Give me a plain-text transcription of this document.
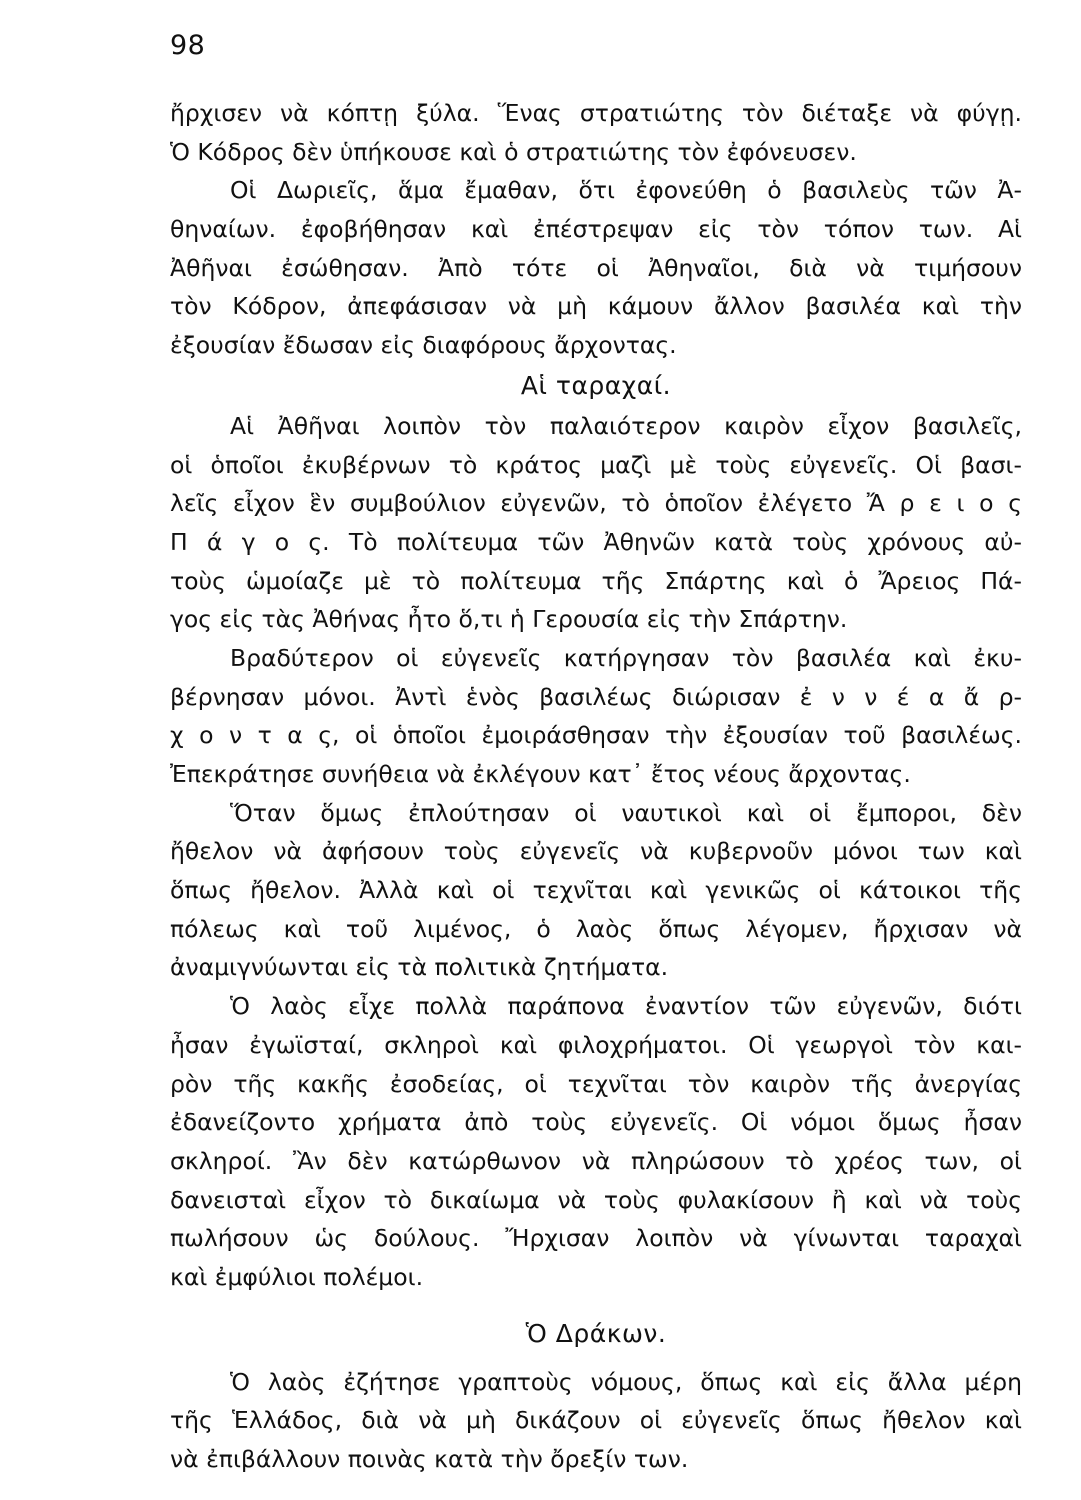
98
ἤρχισεν νὰ κόπτῃ ξύλα. Ἕνας στρατιώτης τὸν διέταξε νὰ φύγῃ.
Ὁ Κόδρος δὲν ὑπήκουσε καὶ ὁ στρατιώτης τὸν ἐφόνευσεν.
Οἱ Δωριεῖς, ἅμα ἔμαθαν, ὅτι ἐφονεύθη ὁ βασιλεὺς τῶν Ἀ-
θηναίων. ἐφοβήθησαν καὶ ἐπέστρεψαν εἰς τὸν τόπον των. Αἱ
Ἀθῆναι ἐσώθησαν. Ἀπὸ τότε οἱ Ἀθηναῖοι, διὰ νὰ τιμήσουν
τὸν Κόδρον, ἀπεφάσισαν νὰ μὴ κάμουν ἄλλον βασιλέα καὶ τὴν
ἐξουσίαν ἔδωσαν εἰς διαφόρους ἄρχοντας.
Αἱ ταραχαί.
Αἱ Ἀθῆναι λοιπὸν τὸν παλαιότερον καιρὸν εἶχον βασιλεῖς,
οἱ ὁποῖοι ἐκυβέρνων τὸ κράτος μαζὶ μὲ τοὺς εὐγενεῖς. Οἱ βασι-
λεῖς εἶχον ἓν συμβούλιον εὐγενῶν, τὸ ὁποῖον ἐλέγετο Ἄ ρ ε ι ο ς
Π ά γ ο ς. Τὸ πολίτευμα τῶν Ἀθηνῶν κατὰ τοὺς χρόνους αὐ-
τοὺς ὡμοίαζε μὲ τὸ πολίτευμα τῆς Σπάρτης καὶ ὁ Ἄρειος Πά-
γος εἰς τὰς Ἀθήνας ἦτο ὅ,τι ἡ Γερουσία εἰς τὴν Σπάρτην.
Βραδύτερον οἱ εὐγενεῖς κατήργησαν τὸν βασιλέα καὶ ἐκυ-
βέρνησαν μόνοι. Ἀντὶ ἑνὸς βασιλέως διώρισαν ἐ ν ν έ α ἄ ρ-
χ ο ν τ α ς, οἱ ὁποῖοι ἐμοιράσθησαν τὴν ἐξουσίαν τοῦ βασιλέως.
Ἐπεκράτησε συνήθεια νὰ ἐκλέγουν κατ᾽ ἔτος νέους ἄρχοντας.
Ὅταν ὅμως ἐπλούτησαν οἱ ναυτικοὶ καὶ οἱ ἔμποροι, δὲν
ἤθελον νὰ ἀφήσουν τοὺς εὐγενεῖς νὰ κυβερνοῦν μόνοι των καὶ
ὅπως ἤθελον. Ἀλλὰ καὶ οἱ τεχνῖται καὶ γενικῶς οἱ κάτοικοι τῆς
πόλεως καὶ τοῦ λιμένος, ὁ λαὸς ὅπως λέγομεν, ἤρχισαν νὰ
ἀναμιγνύωνται εἰς τὰ πολιτικὰ ζητήματα.
Ὁ λαὸς εἶχε πολλὰ παράπονα ἐναντίον τῶν εὐγενῶν, διότι
ἦσαν ἐγωϊσταί, σκληροὶ καὶ φιλοχρήματοι. Οἱ γεωργοὶ τὸν και-
ρὸν τῆς κακῆς ἐσοδείας, οἱ τεχνῖται τὸν καιρὸν τῆς ἀνεργίας
ἐδανείζοντο χρήματα ἀπὸ τοὺς εὐγενεῖς. Οἱ νόμοι ὅμως ἦσαν
σκληροί. Ἂν δὲν κατώρθωνον νὰ πληρώσουν τὸ χρέος των, οἱ
δανεισταὶ εἶχον τὸ δικαίωμα νὰ τοὺς φυλακίσουν ἢ καὶ νὰ τοὺς
πωλήσουν ὡς δούλους. Ἤρχισαν λοιπὸν νὰ γίνωνται ταραχαὶ
καὶ ἐμφύλιοι πολέμοι.
Ὁ Δράκων.
Ὁ λαὸς ἐζήτησε γραπτοὺς νόμους, ὅπως καὶ εἰς ἄλλα μέρη
τῆς Ἑλλάδος, διὰ νὰ μὴ δικάζουν οἱ εὐγενεῖς ὅπως ἤθελον καὶ
νὰ ἐπιβάλλουν ποινὰς κατὰ τὴν ὄρεξίν των.
